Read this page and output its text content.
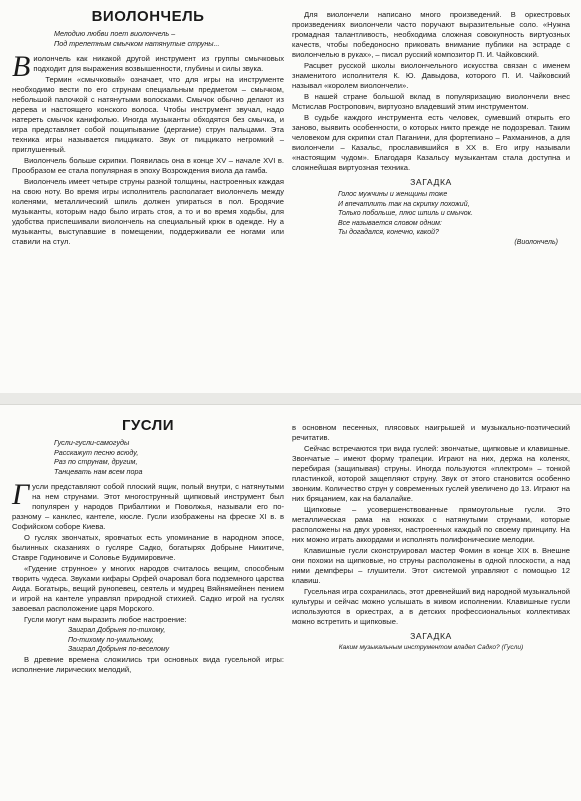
ВИОЛОНЧЕЛЬ
Мелодию любви поет виолончель –
Под трепетным смычком натянутые струны...

Виолончель как никакой другой инструмент из группы смычковых подходит для выражения возвышенности, глубины и силы звука.

Термин «смычковый» означает, что для игры на инструменте необходимо вести по его струнам специальным предметом – смычком, небольшой палочкой с натянутыми волосками. Смычок обычно делают из дерева и настоящего конского волоса. Чтобы инструмент звучал, надо натереть смычок канифолью. Иногда музыканты обходятся без смычка, и игра представляет собой пощипывание (дергание) струн пальцами. Эта техника игры называется пиццикато. Звук от пиццикато негромкий – приглушенный.

Виолончель больше скрипки. Появилась она в конце XV – начале XVI в. Прообразом ее стала популярная в эпоху Возрождения виола да гамба.

Виолончель имеет четыре струны разной толщины, настроенных каждая на свою ноту. Во время игры исполнитель располагает виолончель между коленями, металлический шпиль должен упираться в пол. Бродячие музыканты, которым надо было играть стоя, а то и во время ходьбы, для удобства приспешивали виолончель на специальный крюк в одежде. Ну а музыканты, выступавшие в помещении, поддерживали ее ногами или ставили на стул.

Для виолончели написано много произведений. В оркестровых произведениях виолончели часто поручают выразительные соло. «Нужна громадная талантливость, необходима сложная совокупность виртуозных качеств, чтобы победоносно приковать внимание публики на эстраде с виолончелью в руках», – писал русский композитор П. И. Чайковский.

Расцвет русской школы виолончельного искусства связан с именем знаменитого исполнителя К. Ю. Давыдова, которого П. И. Чайковский называл «королем виолончели».

В нашей стране большой вклад в популяризацию виолончели внес Мстислав Ростропович, виртуозно владевший этим инструментом.

В судьбе каждого инструмента есть человек, сумевший открыть его заново, выявить особенности, о которых никто прежде не подозревал. Таким человеком для скрипки стал Паганини, для фортепиано – Рахманинов, а для виолончели – Казальс, прославившийся в XX в. Его игру называли «настоящим чудом». Благодаря Казальсу музыкантам стала доступна и сложнейшая виртуозная техника.

ЗАГАДКА
Голос мужчины и женщины тоже
И впечатлить так на скрипку похожий,
Только побольше, плюс шпиль и смычок.
Все называется словом одним:
Ты догадался, конечно, какой?
(Виолончель)
ГУСЛИ
Гусли-гусли-самогуды
Расскажут песню всюду,
Раз по струнам, другим,
Танцевать нам всем пора

Гусли представляют собой плоский ящик, полый внутри, с натянутыми на нем струнами. Этот многострунный щипковый инструмент был популярен у народов Прибалтики и Поволжья, называли его по-разному – канклес, кантеле, кюсле. Гусли изображены на фреске XI в. в Софийском соборе Киева.

О гуслях звончатых, яровчатых есть упоминание в народном эпосе, былинных сказаниях о гусляре Садко, богатырях Добрыне Никитиче, Ставре Годиновиче и Соловье Будимировиче.

«Гудение струнное» у многих народов считалось вещим, способным творить чудеса. Звуками кифары Орфей очаровал бога подземного царства Аида. Богатырь, вещий рунопевец, сеятель и мудрец Вяйнямейнен пением и игрой на кантеле управлял природной стихией. Садко игрой на гуслях завоевал расположение царя Морского.

Гусли могут нам выразить любое настроение:

Заиграл Добрыня по-тихому,
По-тихому по-умильному,
Заиграл Добрыня по-веселому

В древние времена сложились три основных вида гусельной игры: исполнение лирических мелодий,

в основном песенных, плясовых наигрышей и музыкально-поэтический речитатив.

Сейчас встречаются три вида гуслей: звончатые, щипковые и клавишные. Звончатые – имеют форму трапеции. Играют на них, держа на коленях, перебирая (защипывая) струны. Иногда пользуются «плектром» – тонкой пластинкой, которой защепляют струну. Звук от этого становится особенно звонким. Количество струн у современных гуслей увеличено до 13. Играют на них бряцанием, как на балалайке.

Щипковые – усовершенствованные прямоугольные гусли. Это металлическая рама на ножках с натянутыми струнами, которые расположены на двух уровнях, настроенных каждый по своему принципу. На них можно играть аккордами и исполнять полифонические мелодии.

Клавишные гусли сконструировал мастер Фомин в конце XIX в. Внешне они похожи на щипковые, но струны расположены в одной плоскости, а над ними демпферы – глушители. Этот системой управляют с помощью 12 клавиш.

Гусельная игра сохранилась, этот древнейший вид народной музыкальной культуры и сейчас можно услышать в живом исполнении. Клавишные гусли используются в оркестрах, а в детских профессиональных коллективах можно встретить и щипковые.

ЗАГАДКА
Каким музыкальным инструментом владел Садко? (Гусли)
